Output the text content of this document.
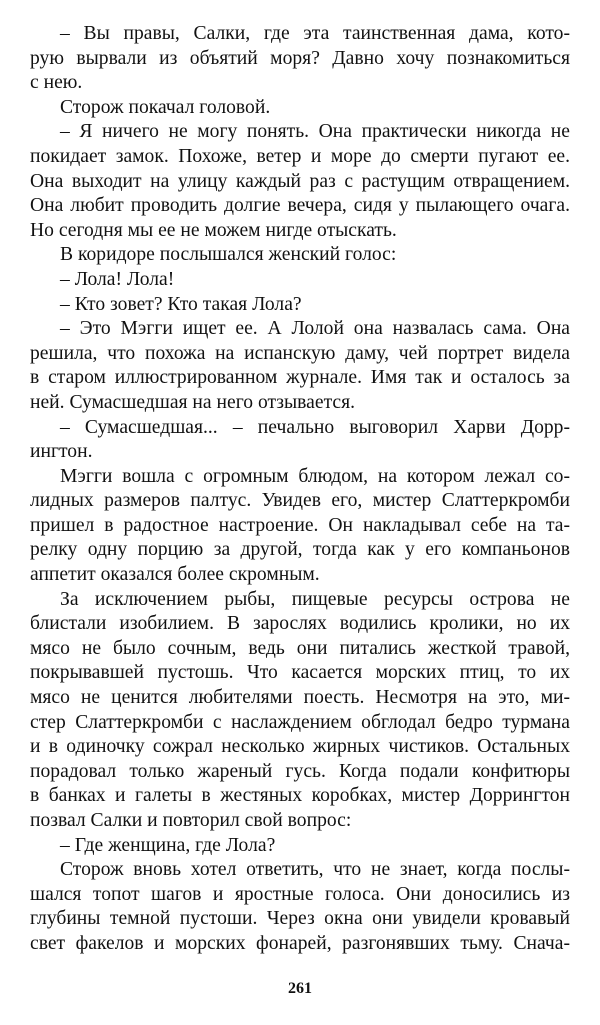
– Вы правы, Салки, где эта таинственная дама, кото-
рую вырвали из объятий моря? Давно хочу познакомиться
с нею.
Сторож покачал головой.
– Я ничего не могу понять. Она практически никогда не
покидает замок. Похоже, ветер и море до смерти пугают ее.
Она выходит на улицу каждый раз с растущим отвращением.
Она любит проводить долгие вечера, сидя у пылающего очага.
Но сегодня мы ее не можем нигде отыскать.
В коридоре послышался женский голос:
– Лола! Лола!
– Кто зовет? Кто такая Лола?
– Это Мэгги ищет ее. А Лолой она назвалась сама. Она
решила, что похожа на испанскую даму, чей портрет видела
в старом иллюстрированном журнале. Имя так и осталось за
ней. Сумасшедшая на него отзывается.
– Сумасшедшая... – печально выговорил Харви Дорр-
ингтон.
Мэгги вошла с огромным блюдом, на котором лежал со-
лидных размеров палтус. Увидев его, мистер Слаттеркромби
пришел в радостное настроение. Он накладывал себе на та-
релку одну порцию за другой, тогда как у его компаньонов
аппетит оказался более скромным.
За исключением рыбы, пищевые ресурсы острова не
блистали изобилием. В зарослях водились кролики, но их
мясо не было сочным, ведь они питались жесткой травой,
покрывавшей пустошь. Что касается морских птиц, то их
мясо не ценится любителями поесть. Несмотря на это, ми-
стер Слаттеркромби с наслаждением обглодал бедро турмана
и в одиночку сожрал несколько жирных чистиков. Остальных
порадовал только жареный гусь. Когда подали конфитюры
в банках и галеты в жестяных коробках, мистер Доррингтон
позвал Салки и повторил свой вопрос:
– Где женщина, где Лола?
Сторож вновь хотел ответить, что не знает, когда послы-
шался топот шагов и яростные голоса. Они доносились из
глубины темной пустоши. Через окна они увидели кровавый
свет факелов и морских фонарей, разгонявших тьму. Снача-
261
